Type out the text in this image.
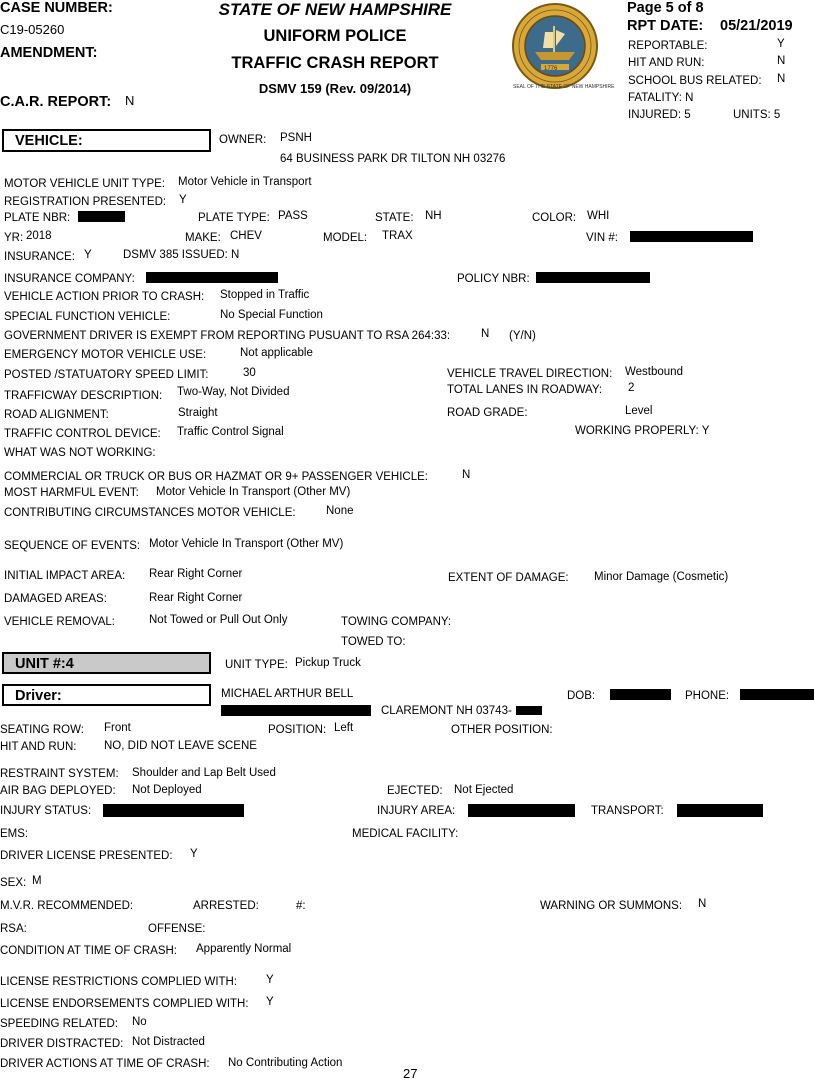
CASE NUMBER:
C19-05260
AMENDMENT:
C.A.R. REPORT: N
STATE OF NEW HAMPSHIRE
UNIFORM POLICE
TRAFFIC CRASH REPORT
DSMV 159 (Rev. 09/2014)	SEAL OF THE STATE OF NEW HAMPSHIRE
1776
Page 5 of 8
RPT DATE: 05/21/2019
REPORTABLE:	Y
HIT AND RUN:	N
SCHOOL BUS RELATED: N
FATALITY: N
INJURED: 5	UNITS: 5
VEHICLE:	OWNER: PSNH
64 BUSINESS PARK DR TILTON NH 03276
MOTOR VEHICLE UNIT TYPE: Motor Vehicle in Transport
REGISTRATION PRESENTED: Y
PLATE NBR:	PLATE TYPE: PASS	STATE: NH	COLOR: WHI
YR: 2018	MAKE: CHEV	MODEL: TRAX	VIN #:
INSURANCE: Y	DSMV 385 ISSUED: N
INSURANCE COMPANY:	POLICY NBR:
VEHICLE ACTION PRIOR TO CRASH: Stopped in Traffic
SPECIAL FUNCTION VEHICLE:	No Special Function
GOVERNMENT DRIVER IS EXEMPT FROM REPORTING PUSUANT TO RSA 264:33:	N (Y/N)
EMERGENCY MOTOR VEHICLE USE:	Not applicable
POSTED /STATUATORY SPEED LIMIT:	30	VEHICLE TRAVEL DIRECTION: Westbound
TOTAL LANES IN ROADWAY: 2
TRAFFICWAY DESCRIPTION: Two-Way, Not Divided
ROAD ALIGNMENT:	Straight	ROAD GRADE:	Level
TRAFFIC CONTROL DEVICE: Traffic Control Signal	WORKING PROPERLY: Y
WHAT WAS NOT WORKING:
COMMERCIAL OR TRUCK OR BUS OR HAZMAT OR 9+ PASSENGER VEHICLE:	N
MOST HARMFUL EVENT: Motor Vehicle In Transport (Other MV)
CONTRIBUTING CIRCUMSTANCES MOTOR VEHICLE:	None
SEQUENCE OF EVENTS: Motor Vehicle In Transport (Other MV)
INITIAL IMPACT AREA: Rear Right Corner	EXTENT OF DAMAGE: Minor Damage (Cosmetic)
DAMAGED AREAS:	Rear Right Corner
VEHICLE REMOVAL:	Not Towed or Pull Out Only	TOWING COMPANY:
TOWED TO:
UNIT #:4	UNIT TYPE: Pickup Truck
Driver:	MICHAEL ARTHUR BELL
CLAREMONT NH 03743-
DOB:	PHONE:
SEATING ROW: Front	POSITION: Left	OTHER POSITION:
HIT AND RUN: NO, DID NOT LEAVE SCENE
RESTRAINT SYSTEM: Shoulder and Lap Belt Used
AIR BAG DEPLOYED: Not Deployed	EJECTED: Not Ejected
INJURY STATUS:	INJURY AREA:	TRANSPORT:
EMS:	MEDICAL FACILITY:
DRIVER LICENSE PRESENTED: Y
SEX: M
M.V.R. RECOMMENDED:	ARRESTED:	#:	WARNING OR SUMMONS: N
RSA:	OFFENSE:
CONDITION AT TIME OF CRASH: Apparently Normal
LICENSE RESTRICTIONS COMPLIED WITH:	Y
LICENSE ENDORSEMENTS COMPLIED WITH: Y
SPEEDING RELATED: No
DRIVER DISTRACTED: Not Distracted
DRIVER ACTIONS AT TIME OF CRASH: No Contributing Action
27
